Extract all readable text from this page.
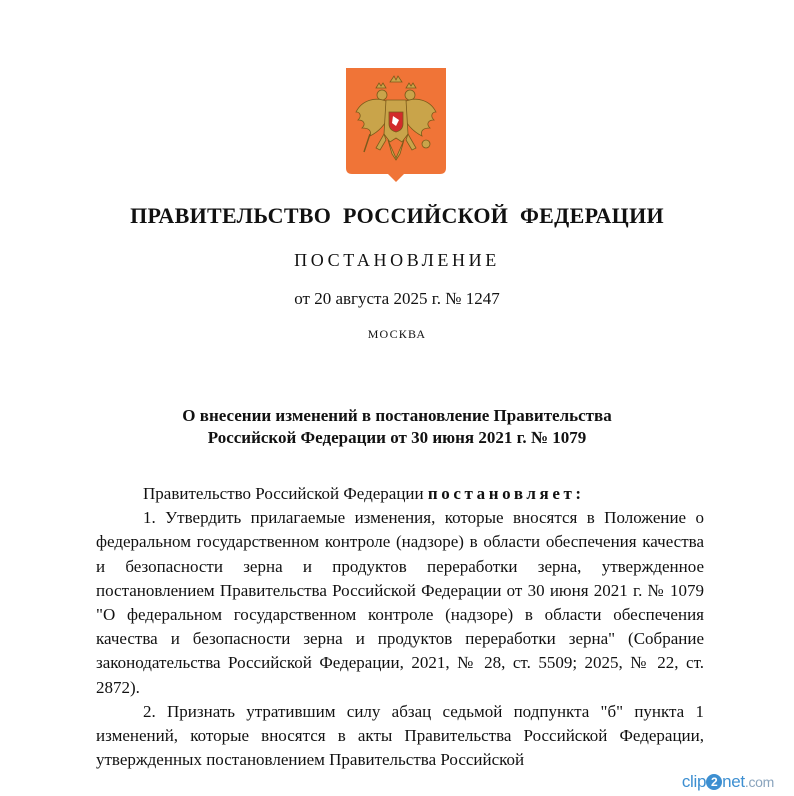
ПРАВИТЕЛЬСТВО РОССИЙСКОЙ ФЕДЕРАЦИИ

ПОСТАНОВЛЕНИЕ

от 20 августа 2025 г. № 1247

МОСКВА

О внесении изменений в постановление Правительства
Российской Федерации от 30 июня 2021 г. № 1079

Правительство Российской Федерации постановляет:

1. Утвердить прилагаемые изменения, которые вносятся в Положение о федеральном государственном контроле (надзоре) в области обеспечения качества и безопасности зерна и продуктов переработки зерна, утвержденное постановлением Правительства Российской Федерации от 30 июня 2021 г. № 1079 "О федеральном государственном контроле (надзоре) в области обеспечения качества и безопасности зерна и продуктов переработки зерна" (Собрание законодательства Российской Федерации, 2021, № 28, ст. 5509; 2025, № 22, ст. 2872).

2. Признать утратившим силу абзац седьмой подпункта "б" пункта 1 изменений, которые вносятся в акты Правительства Российской Федерации, утвержденных постановлением Правительства Российской

clip 2 net.com
